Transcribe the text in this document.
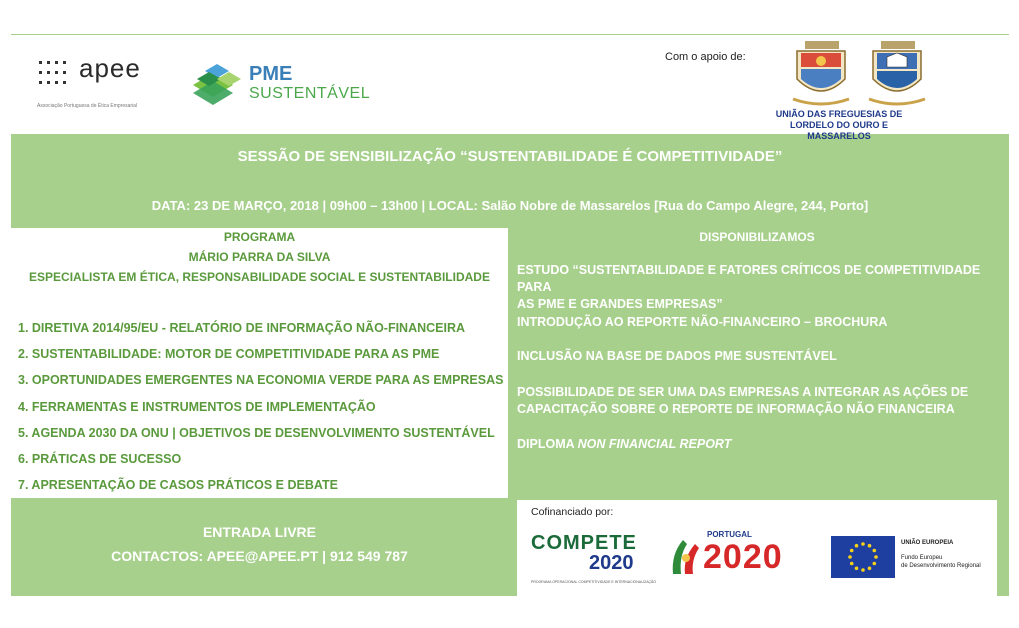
apee
Associação Portuguesa de Ética Empresarial
PME
SUSTENTÁVEL
Com o apoio de:
UNIÃO DAS FREGUESIAS DE
LORDELO DO OURO E MASSARELOS
SESSÃO DE SENSIBILIZAÇÃO “SUSTENTABILIDADE É COMPETITIVIDADE”
DATA: 23 DE MARÇO, 2018 | 09h00 – 13h00 | LOCAL: Salão Nobre de Massarelos [Rua do Campo Alegre, 244, Porto]
PROGRAMA
MÁRIO PARRA DA SILVA
ESPECIALISTA EM ÉTICA, RESPONSABILIDADE SOCIAL E SUSTENTABILIDADE
1. DIRETIVA 2014/95/EU - RELATÓRIO DE INFORMAÇÃO NÃO-FINANCEIRA
2. SUSTENTABILIDADE: MOTOR DE COMPETITIVIDADE PARA AS PME
3. OPORTUNIDADES EMERGENTES NA ECONOMIA VERDE PARA AS EMPRESAS
4. FERRAMENTAS E INSTRUMENTOS DE IMPLEMENTAÇÃO
5. AGENDA 2030 DA ONU | OBJETIVOS DE DESENVOLVIMENTO SUSTENTÁVEL
6. PRÁTICAS DE SUCESSO
7. APRESENTAÇÃO DE CASOS PRÁTICOS E DEBATE
DISPONIBILIZAMOS
ESTUDO “SUSTENTABILIDADE E FATORES CRÍTICOS DE COMPETITIVIDADE PARA
AS PME E GRANDES EMPRESAS”
INTRODUÇÃO AO REPORTE NÃO-FINANCEIRO – BROCHURA
INCLUSÃO NA BASE DE DADOS PME SUSTENTÁVEL
POSSIBILIDADE DE SER UMA DAS EMPRESAS A INTEGRAR AS AÇÕES DE
CAPACITAÇÃO SOBRE O REPORTE DE INFORMAÇÃO NÃO FINANCEIRA
DIPLOMA NON FINANCIAL REPORT
ENTRADA LIVRE
CONTACTOS: APEE@APEE.PT | 912 549 787
Cofinanciado por:
COMPETE
2020
PROGRAMA OPERACIONAL COMPETITIVIDADE E INTERNACIONALIZAÇÃO
PORTUGAL
2020	UNIÃO EUROPEIA
Fundo Europeu
de Desenvolvimento Regional
